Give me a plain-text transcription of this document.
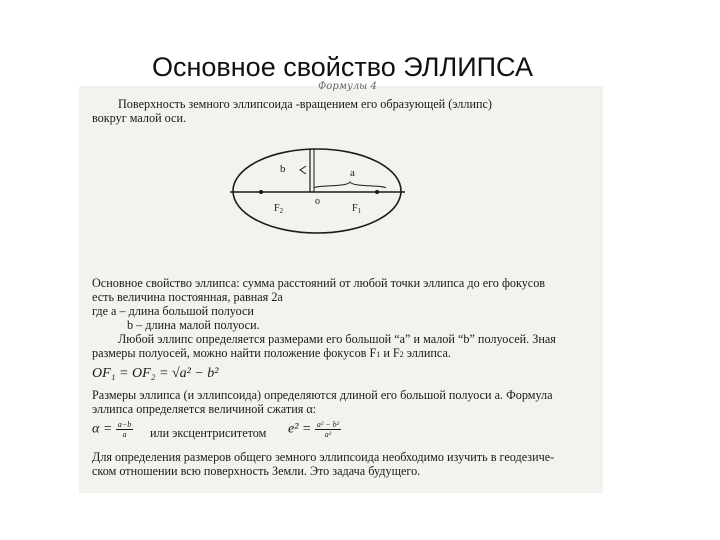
Основное свойство ЭЛЛИПСА
Формулы 4
Поверхность земного эллипсоида -вращением его образующей (эллипс)
вокруг малой оси.
b	a
o
$F_2$	$F_1$
Основное свойство эллипса: сумма расстояний от любой точки эллипса до его фокусов
есть величина постоянная, равная 2a
где a – длина большой полуоси
b – длина малой полуоси.
Любой эллипс определяется размерами его большой “a” и малой “b” полуосей. Зная
размеры полуосей, можно найти положение фокусов F1 и F2 эллипса.
OF₁ = OF₂ = √a² − b²
Размеры эллипса (и эллипсоида) определяются длиной его большой полуоси a. Формула
эллипса определяется величиной сжатия α:
$\alpha = \frac{a-b}{a}$ или эксцентриситетом $e^2 = \frac{\text{a² − b²}}{\text{a²}}$
Для определения размеров общего земного эллипсоида необходимо изучить в геодезиче-
ском отношении всю поверхность Земли. Это задача будущего.
